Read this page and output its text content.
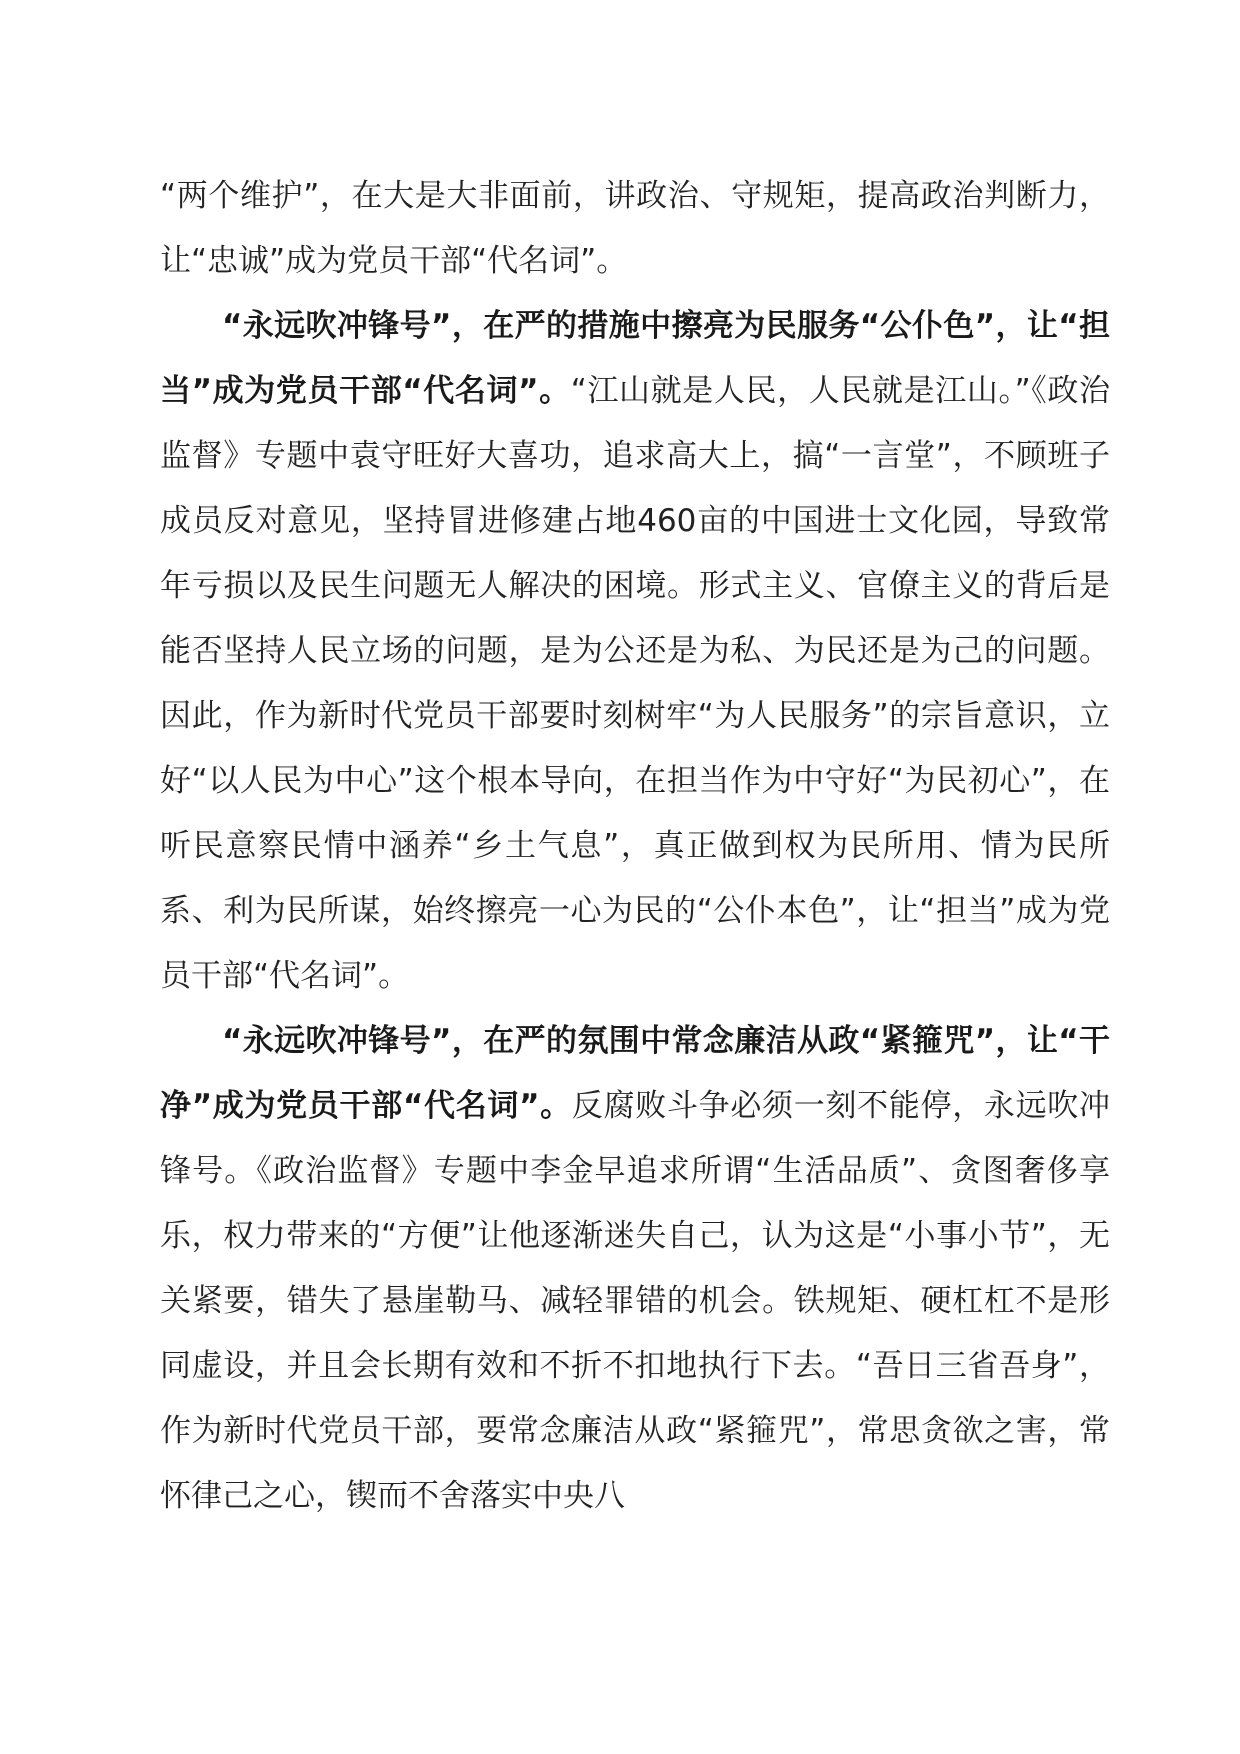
“两个维护”，在大是大非面前，讲政治、守规矩，提高政治判断力，让“忠诚”成为党员干部“代名词”。

“永远吹冲锋号”，在严的措施中擦亮为民服务“公仆色”，让“担当”成为党员干部“代名词”。“江山就是人民，人民就是江山。”《政治监督》专题中袁守旺好大喜功，追求高大上，搞“一言堂”，不顾班子成员反对意见，坚持冒进修建占地460亩的中国进士文化园，导致常年亏损以及民生问题无人解决的困境。形式主义、官僚主义的背后是能否坚持人民立场的问题，是为公还是为私、为民还是为己的问题。因此，作为新时代党员干部要时刻树牢“为人民服务”的宗旨意识，立好“以人民为中心”这个根本导向，在担当作为中守好“为民初心”，在听民意察民情中涵养“乡土气息”，真正做到权为民所用、情为民所系、利为民所谋，始终擦亮一心为民的“公仆本色”，让“担当”成为党员干部“代名词”。

“永远吹冲锋号”，在严的氛围中常念廉洁从政“紧箍咒”，让“干净”成为党员干部“代名词”。反腐败斗争必须一刻不能停，永远吹冲锋号。《政治监督》专题中李金早追求所谓“生活品质”、贪图奢侈享乐，权力带来的“方便”让他逐渐迷失自己，认为这是“小事小节”，无关紧要，错失了悬崖勒马、减轻罪错的机会。铁规矩、硬杠杠不是形同虚设，并且会长期有效和不折不扣地执行下去。“吾日三省吾身”，作为新时代党员干部，要常念廉洁从政“紧箍咒”，常思贪欲之害，常怀律己之心，锲而不舍落实中央八
